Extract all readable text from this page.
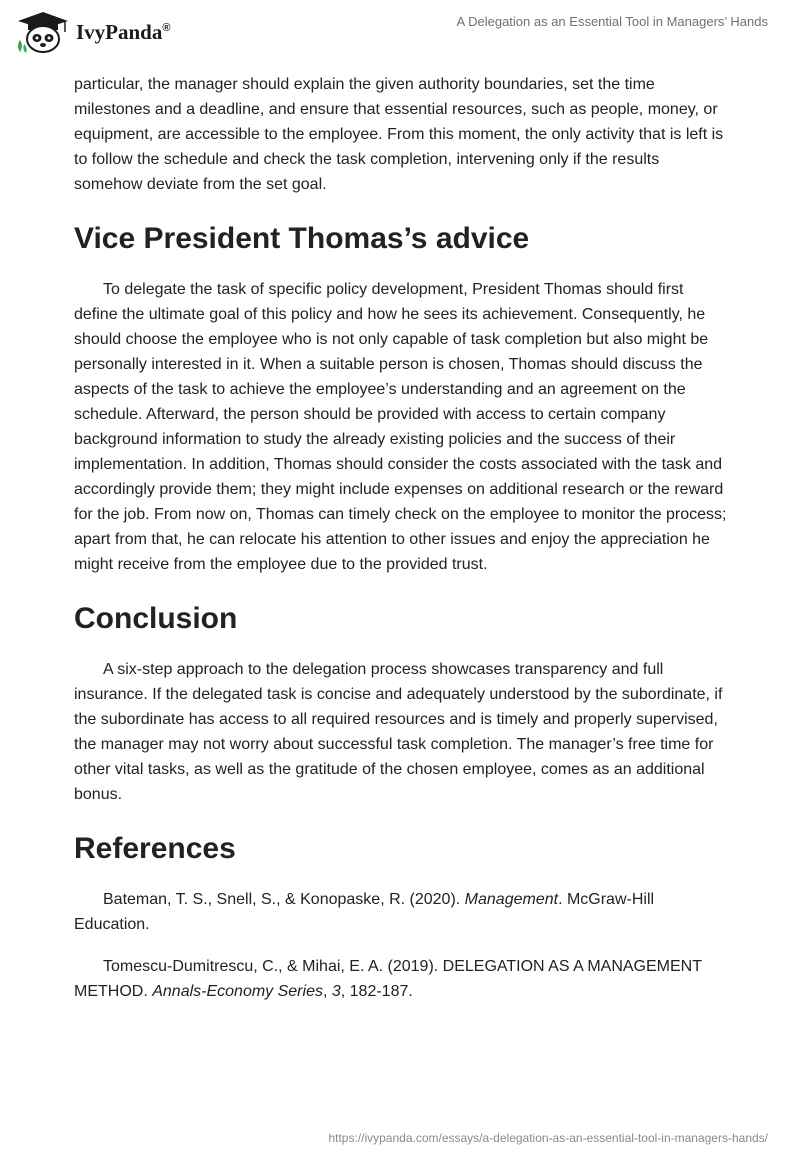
IvyPanda®	A Delegation as an Essential Tool in Managers’ Hands

particular, the manager should explain the given authority boundaries, set the time milestones and a deadline, and ensure that essential resources, such as people, money, or equipment, are accessible to the employee. From this moment, the only activity that is left is to follow the schedule and check the task completion, intervening only if the results somehow deviate from the set goal.

Vice President Thomas’s advice

To delegate the task of specific policy development, President Thomas should first define the ultimate goal of this policy and how he sees its achievement. Consequently, he should choose the employee who is not only capable of task completion but also might be personally interested in it. When a suitable person is chosen, Thomas should discuss the aspects of the task to achieve the employee’s understanding and an agreement on the schedule. Afterward, the person should be provided with access to certain company background information to study the already existing policies and the success of their implementation. In addition, Thomas should consider the costs associated with the task and accordingly provide them; they might include expenses on additional research or the reward for the job. From now on, Thomas can timely check on the employee to monitor the process; apart from that, he can relocate his attention to other issues and enjoy the appreciation he might receive from the employee due to the provided trust.

Conclusion

A six-step approach to the delegation process showcases transparency and full insurance. If the delegated task is concise and adequately understood by the subordinate, if the subordinate has access to all required resources and is timely and properly supervised, the manager may not worry about successful task completion. The manager’s free time for other vital tasks, as well as the gratitude of the chosen employee, comes as an additional bonus.

References

Bateman, T. S., Snell, S., & Konopaske, R. (2020). Management. McGraw-Hill Education.

Tomescu-Dumitrescu, C., & Mihai, E. A. (2019). DELEGATION AS A MANAGEMENT METHOD. Annals-Economy Series, 3, 182-187.

https://ivypanda.com/essays/a-delegation-as-an-essential-tool-in-managers-hands/
